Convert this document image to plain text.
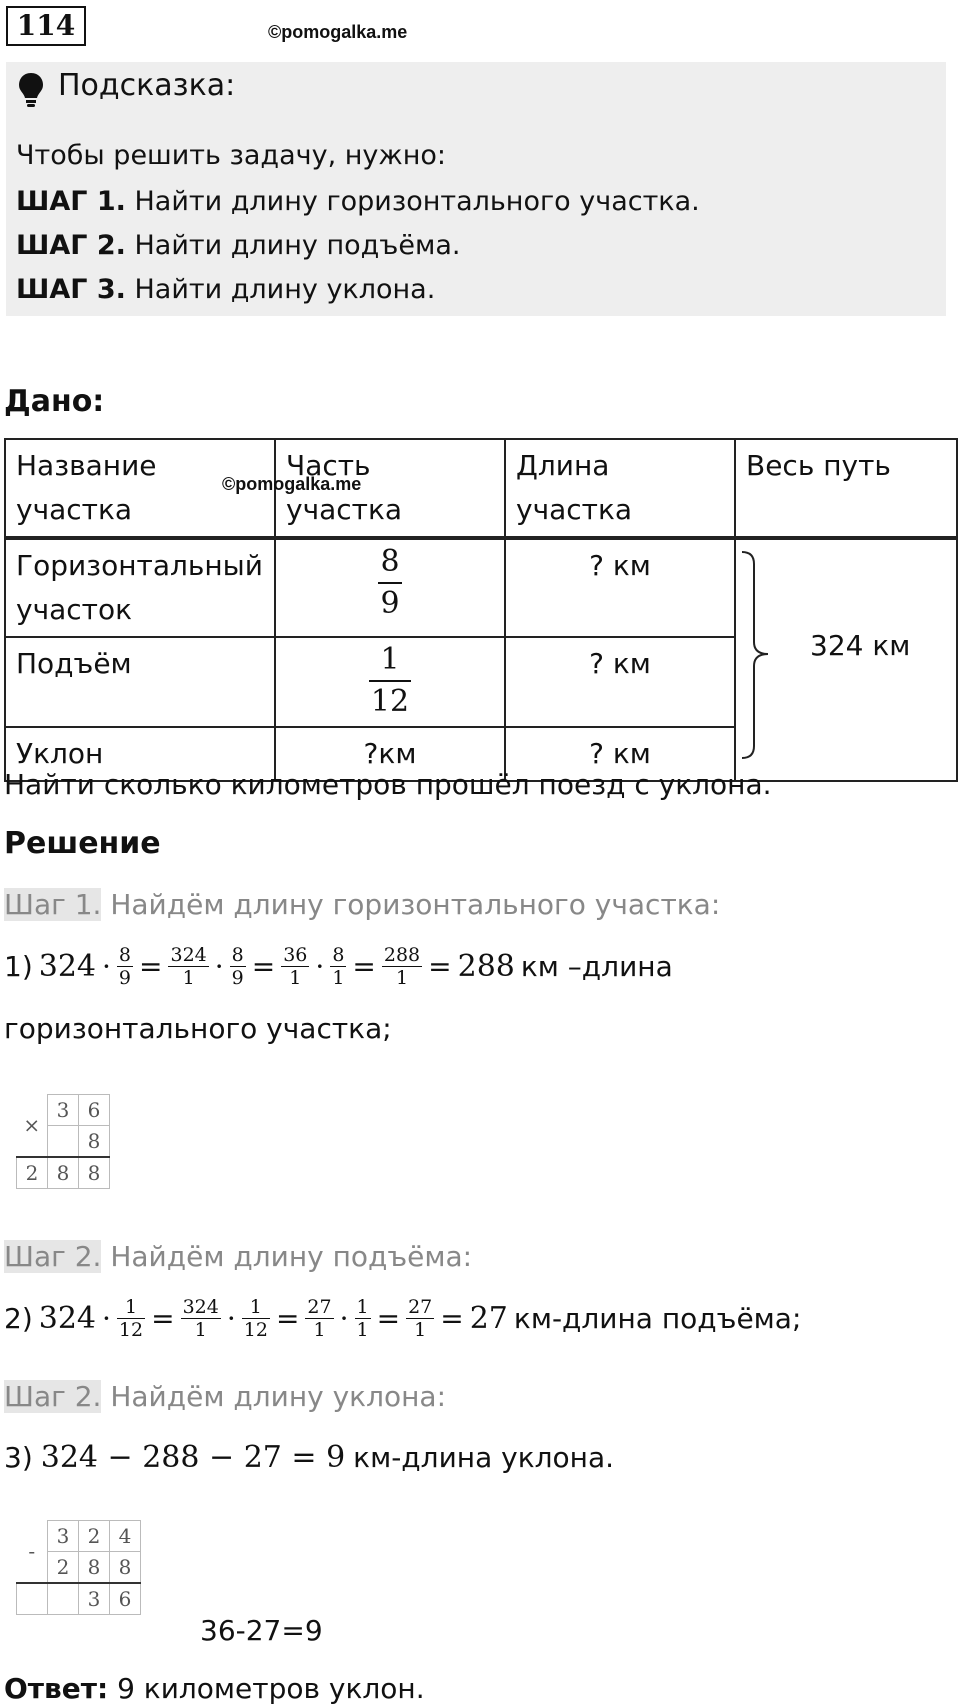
114	©pomogalka.me
Подсказка:
Чтобы решить задачу, нужно:
ШАГ 1. Найти длину горизонтального участка.
ШАГ 2. Найти длину подъёма.
ШАГ 3. Найти длину уклона.
Дано:
Название участка	Часть участка	Длина участка	Весь путь
©pomogalka.me
Горизонтальный участок	$\frac{8}{9}$	? км	324 км

Подъём	$\frac{1}{12}$	? км	
Уклон	?км	? км	
Найти сколько километров прошёл поезд с уклона.
Решение
Шаг 1. Найдём длину горизонтального участка:
1) $324 \cdot \frac{8}{9} = \frac{324}{1} \cdot \frac{8}{9} = \frac{36}{1} \cdot \frac{8}{1} = \frac{288}{1} = 288$ км –длина
горизонтального участка;
×	3	6
		8
2	8	8
Шаг 2. Найдём длину подъёма:
2) $324 \cdot \frac{1}{12} = \frac{324}{1} \cdot \frac{1}{12} = \frac{27}{1} \cdot \frac{1}{1} = \frac{27}{1} = 27$ км-длина подъёма;
Шаг 2. Найдём длину уклона:
3) 324 − 288 − 27 = 9 км-длина уклона.
-	3	2	4
	2	8	8
		3	6
36-27=9
Ответ: 9 километров уклон.
